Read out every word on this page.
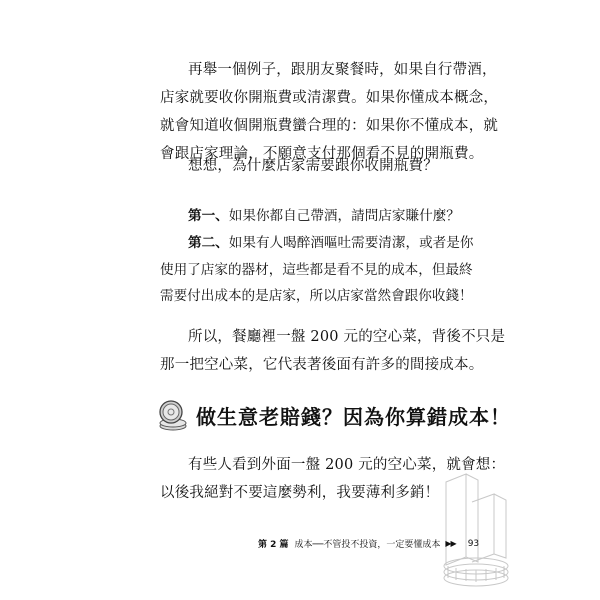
再舉一個例子，跟朋友聚餐時，如果自行帶酒，
店家就要收你開瓶費或清潔費。如果你懂成本概念，
就會知道收個開瓶費蠻合理的：如果你不懂成本，就
會跟店家理論，不願意支付那個看不見的開瓶費。

想想，為什麼店家需要跟你收開瓶費？

第一、如果你都自己帶酒，請問店家賺什麼？

第二、如果有人喝醉酒嘔吐需要清潔，或者是你
使用了店家的器材，這些都是看不見的成本，但最終
需要付出成本的是店家，所以店家當然會跟你收錢！

所以，餐廳裡一盤 200 元的空心菜，背後不只是
那一把空心菜，它代表著後面有許多的間接成本。

做生意老賠錢？因為你算錯成本！

有些人看到外面一盤 200 元的空心菜，就會想：
以後我絕對不要這麼勢利，我要薄利多銷！

第 2 篇 成本──不管投不投資，一定要懂成本 ▶▶ 93
